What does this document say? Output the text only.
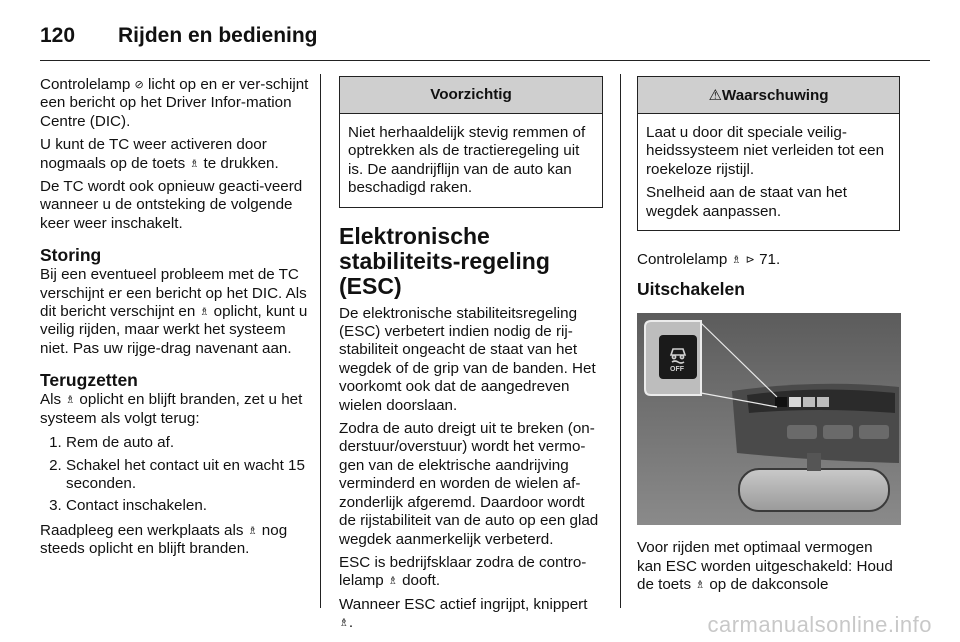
120	Rijden en bediening

Controlelamp ⊘ licht op en er ver-schijnt een bericht op het Driver Infor-mation Centre (DIC).

U kunt de TC weer activeren door nogmaals op de toets ♗ te drukken.

De TC wordt ook opnieuw geacti-veerd wanneer u de ontsteking de volgende keer weer inschakelt.

Storing

Bij een eventueel probleem met de TC verschijnt er een bericht op het DIC. Als dit bericht verschijnt en ♗ oplicht, kunt u veilig rijden, maar werkt het systeem niet. Pas uw rijge-drag navenant aan.

Terugzetten

Als ♗ oplicht en blijft branden, zet u het systeem als volgt terug:

1. Rem de auto af.
2. Schakel het contact uit en wacht 15 seconden.
3. Contact inschakelen.

Raadpleeg een werkplaats als ♗ nog steeds oplicht en blijft branden.

Voorzichtig

Niet herhaaldelijk stevig remmen of optrekken als de tractieregeling uit is. De aandrijflijn van de auto kan beschadigd raken.

Elektronische stabiliteits-regeling (ESC)

De elektronische stabiliteitsregeling (ESC) verbetert indien nodig de rij-stabiliteit ongeacht de staat van het wegdek of de grip van de banden. Het voorkomt ook dat de aangedreven wielen doorslaan.

Zodra de auto dreigt uit te breken (on-derstuur/overstuur) wordt het vermo-gen van de elektrische aandrijving verminderd en worden de wielen af-zonderlijk afgeremd. Daardoor wordt de rijstabiliteit van de auto op een glad wegdek aanmerkelijk verbeterd.

ESC is bedrijfsklaar zodra de contro-lelamp ♗ dooft.

Wanneer ESC actief ingrijpt, knippert ♗.

⚠Waarschuwing

Laat u door dit speciale veilig-heidssysteem niet verleiden tot een roekeloze rijstijl.

Snelheid aan de staat van het wegdek aanpassen.

Controlelamp ♗ ⊳ 71.

Uitschakelen
OFF

Voor rijden met optimaal vermogen kan ESC worden uitgeschakeld: Houd de toets ♗ op de dakconsole

carmanualsonline.info
